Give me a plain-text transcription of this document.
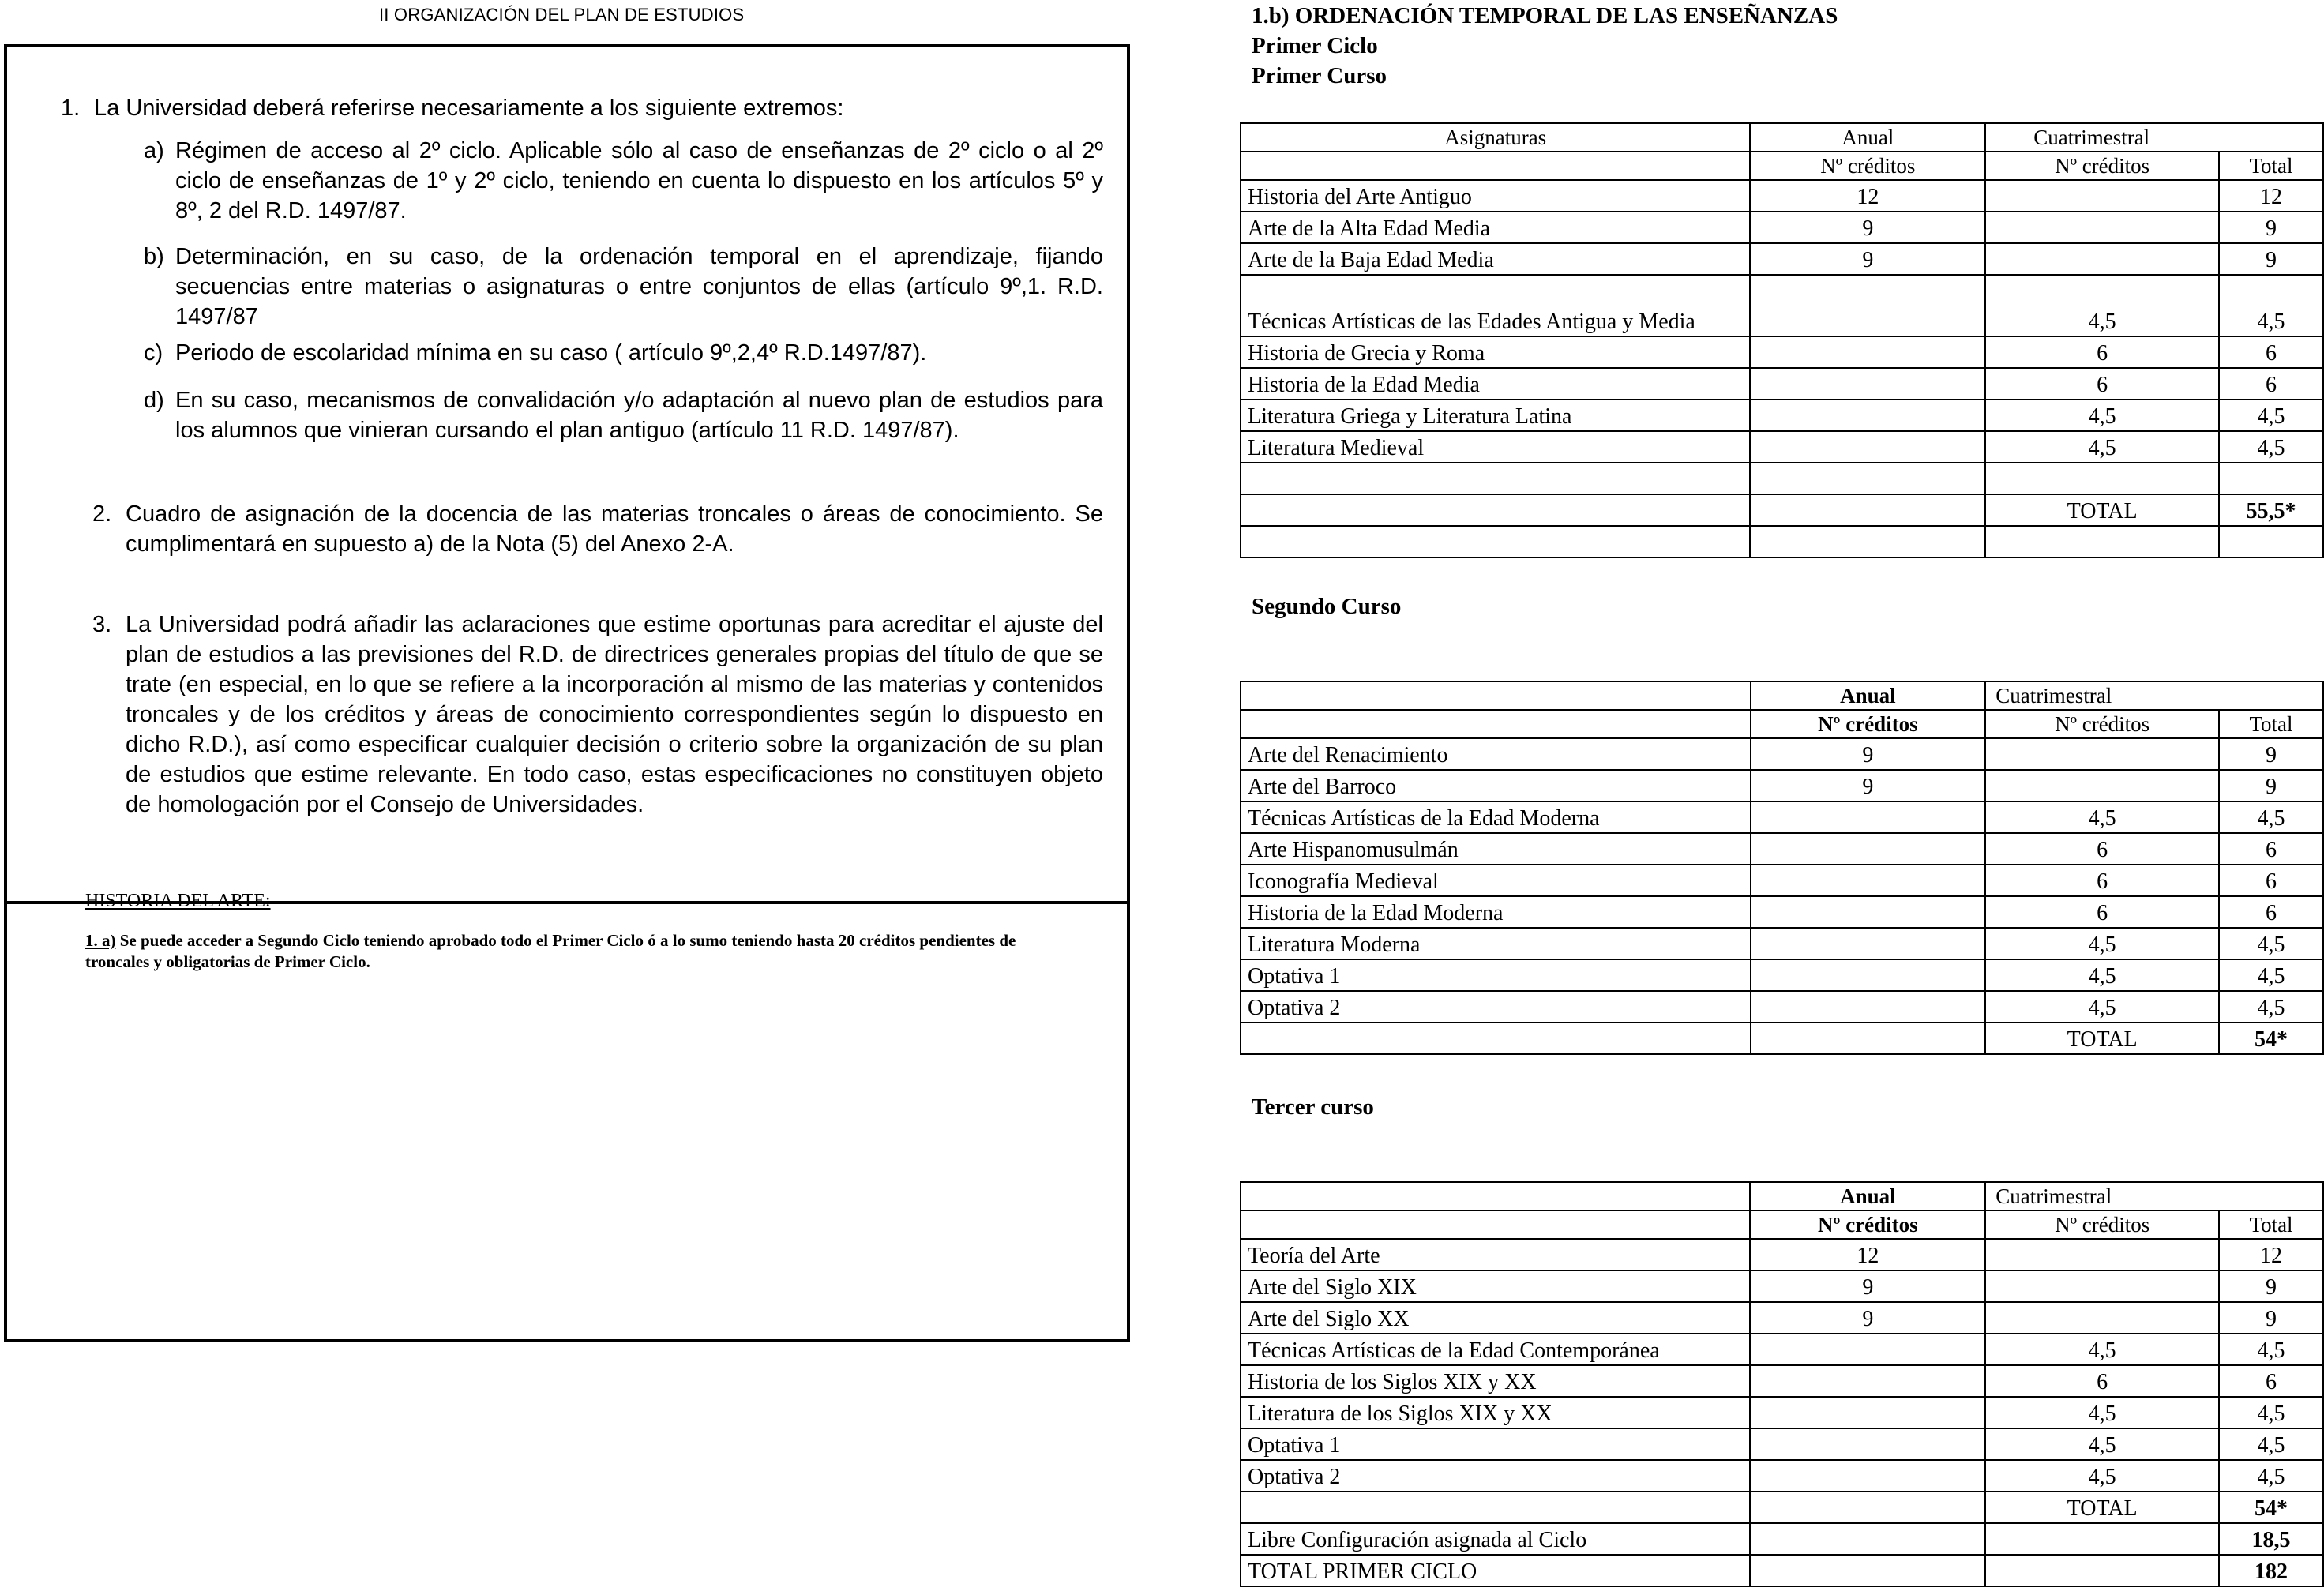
II ORGANIZACIÓN DEL PLAN DE ESTUDIOS
1. La Universidad deberá referirse necesariamente a los siguiente extremos:
a) Régimen de acceso al 2º ciclo. Aplicable sólo al caso de enseñanzas de 2º ciclo o al 2º ciclo de enseñanzas de 1º y 2º ciclo, teniendo en cuenta lo dispuesto en los artículos 5º y 8º, 2 del R.D. 1497/87.
b) Determinación, en su caso, de la ordenación temporal en el aprendizaje, fijando secuencias entre materias o asignaturas o entre conjuntos de ellas (artículo 9º,1. R.D. 1497/87
c) Periodo de escolaridad mínima en su caso ( artículo 9º,2,4º R.D.1497/87).
d) En su caso, mecanismos de convalidación y/o adaptación al nuevo plan de estudios para los alumnos que vinieran cursando el plan antiguo (artículo 11 R.D. 1497/87).
2. Cuadro de asignación de la docencia de las materias troncales o áreas de conocimiento. Se cumplimentará en supuesto a) de la Nota (5) del Anexo 2-A.
3. La Universidad podrá añadir las aclaraciones que estime oportunas para acreditar el ajuste del plan de estudios a las previsiones del R.D. de directrices generales propias del título de que se trate (en especial, en lo que se refiere a la incorporación al mismo de las materias y contenidos troncales y de los créditos y áreas de conocimiento correspondientes según lo dispuesto en dicho R.D.), así como especificar cualquier decisión o criterio sobre la organización de su plan de estudios que estime relevante. En todo caso, estas especificaciones no constituyen objeto de homologación por el Consejo de Universidades.
HISTORIA DEL ARTE:
1. a) Se puede acceder a Segundo Ciclo teniendo aprobado todo el Primer Ciclo ó a lo sumo teniendo hasta 20 créditos pendientes de troncales y obligatorias de Primer Ciclo.
1.b) ORDENACIÓN TEMPORAL DE LAS ENSEÑANZAS
Primer Ciclo
Primer Curso
Asignaturas	Anual	Cuatrimestral	
	Nº créditos	Nº créditos	Total
Historia del Arte Antiguo	12		12
Arte de la Alta Edad Media	9		9
Arte de la Baja Edad Media	9		9
Técnicas Artísticas de las Edades Antigua y Media		4,5	4,5
Historia de Grecia y Roma		6	6
Historia de la Edad Media		6	6
Literatura Griega y Literatura Latina		4,5	4,5
Literatura Medieval		4,5	4,5

		TOTAL	55,5*

Segundo Curso
	Anual	Cuatrimestral	
	Nº créditos	Nº créditos	Total
Arte del Renacimiento	9		9
Arte del Barroco	9		9
Técnicas Artísticas de la Edad Moderna		4,5	4,5
Arte Hispanomusulmán		6	6
Iconografía Medieval		6	6
Historia de la Edad Moderna		6	6
Literatura Moderna		4,5	4,5
Optativa 1		4,5	4,5
Optativa 2		4,5	4,5
		TOTAL	54*
Tercer curso
	Anual	Cuatrimestral	
	Nº créditos	Nº créditos	Total
Teoría del Arte	12		12
Arte del Siglo XIX	9		9
Arte del Siglo XX	9		9
Técnicas Artísticas de la Edad Contemporánea		4,5	4,5
Historia de los Siglos XIX y XX		6	6
Literatura de los Siglos XIX y XX		4,5	4,5
Optativa 1		4,5	4,5
Optativa 2		4,5	4,5
		TOTAL	54*
Libre Configuración asignada al Ciclo			18,5
TOTAL PRIMER CICLO			182
